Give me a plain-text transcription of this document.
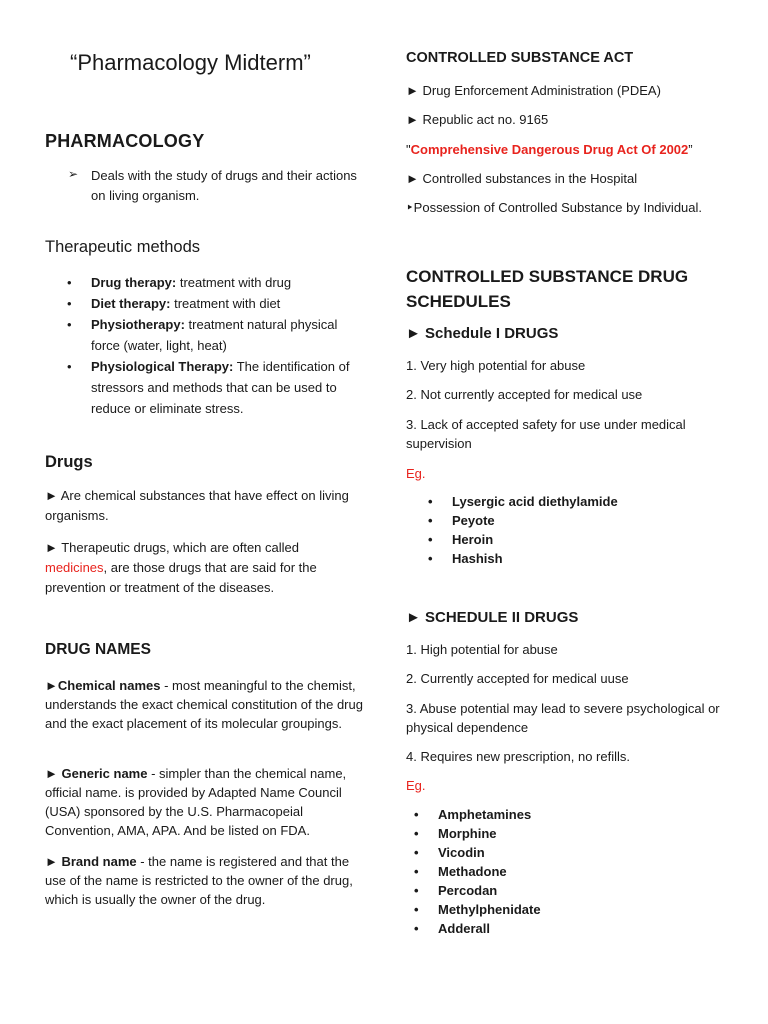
“Pharmacology Midterm”
PHARMACOLOGY
➢ Deals with the study of drugs and their actions on living organism.

Therapeutic methods
• Drug therapy: treatment with drug
• Diet therapy: treatment with diet
• Physiotherapy: treatment natural physical force (water, light, heat)
• Physiological Therapy: The identification of stressors and methods that can be used to reduce or eliminate stress.
Drugs

► Are chemical substances that have effect on living organisms.

► Therapeutic drugs, which are often called medicines, are those drugs that are said for the prevention or treatment of the diseases.

DRUG NAMES

►Chemical names - most meaningful to the chemist, understands the exact chemical constitution of the drug and the exact placement of its molecular groupings.

► Generic name - simpler than the chemical name, official name. is provided by Adapted Name Council (USA) sponsored by the U.S. Pharmacopeial Convention, AMA, APA. And be listed on FDA.

► Brand name - the name is registered and that the use of the name is restricted to the owner of the drug, which is usually the owner of the drug.

CONTROLLED SUBSTANCE ACT

► Drug Enforcement Administration (PDEA)

► Republic act no. 9165

"Comprehensive Dangerous Drug Act Of 2002”

► Controlled substances in the Hospital

‣Possession of Controlled Substance by Individual.

CONTROLLED SUBSTANCE DRUG
SCHEDULES
► Schedule I DRUGS

1. Very high potential for abuse

2. Not currently accepted for medical use

3. Lack of accepted safety for use under medical supervision

Eg.

• Lysergic acid diethylamide
• Peyote
• Heroin
• Hashish
► SCHEDULE II DRUGS

1. High potential for abuse

2. Currently accepted for medical uuse

3. Abuse potential may lead to severe psychological or physical dependence

4. Requires new prescription, no refills.

Eg.

• Amphetamines
• Morphine
• Vicodin
• Methadone
• Percodan
• Methylphenidate
• Adderall
